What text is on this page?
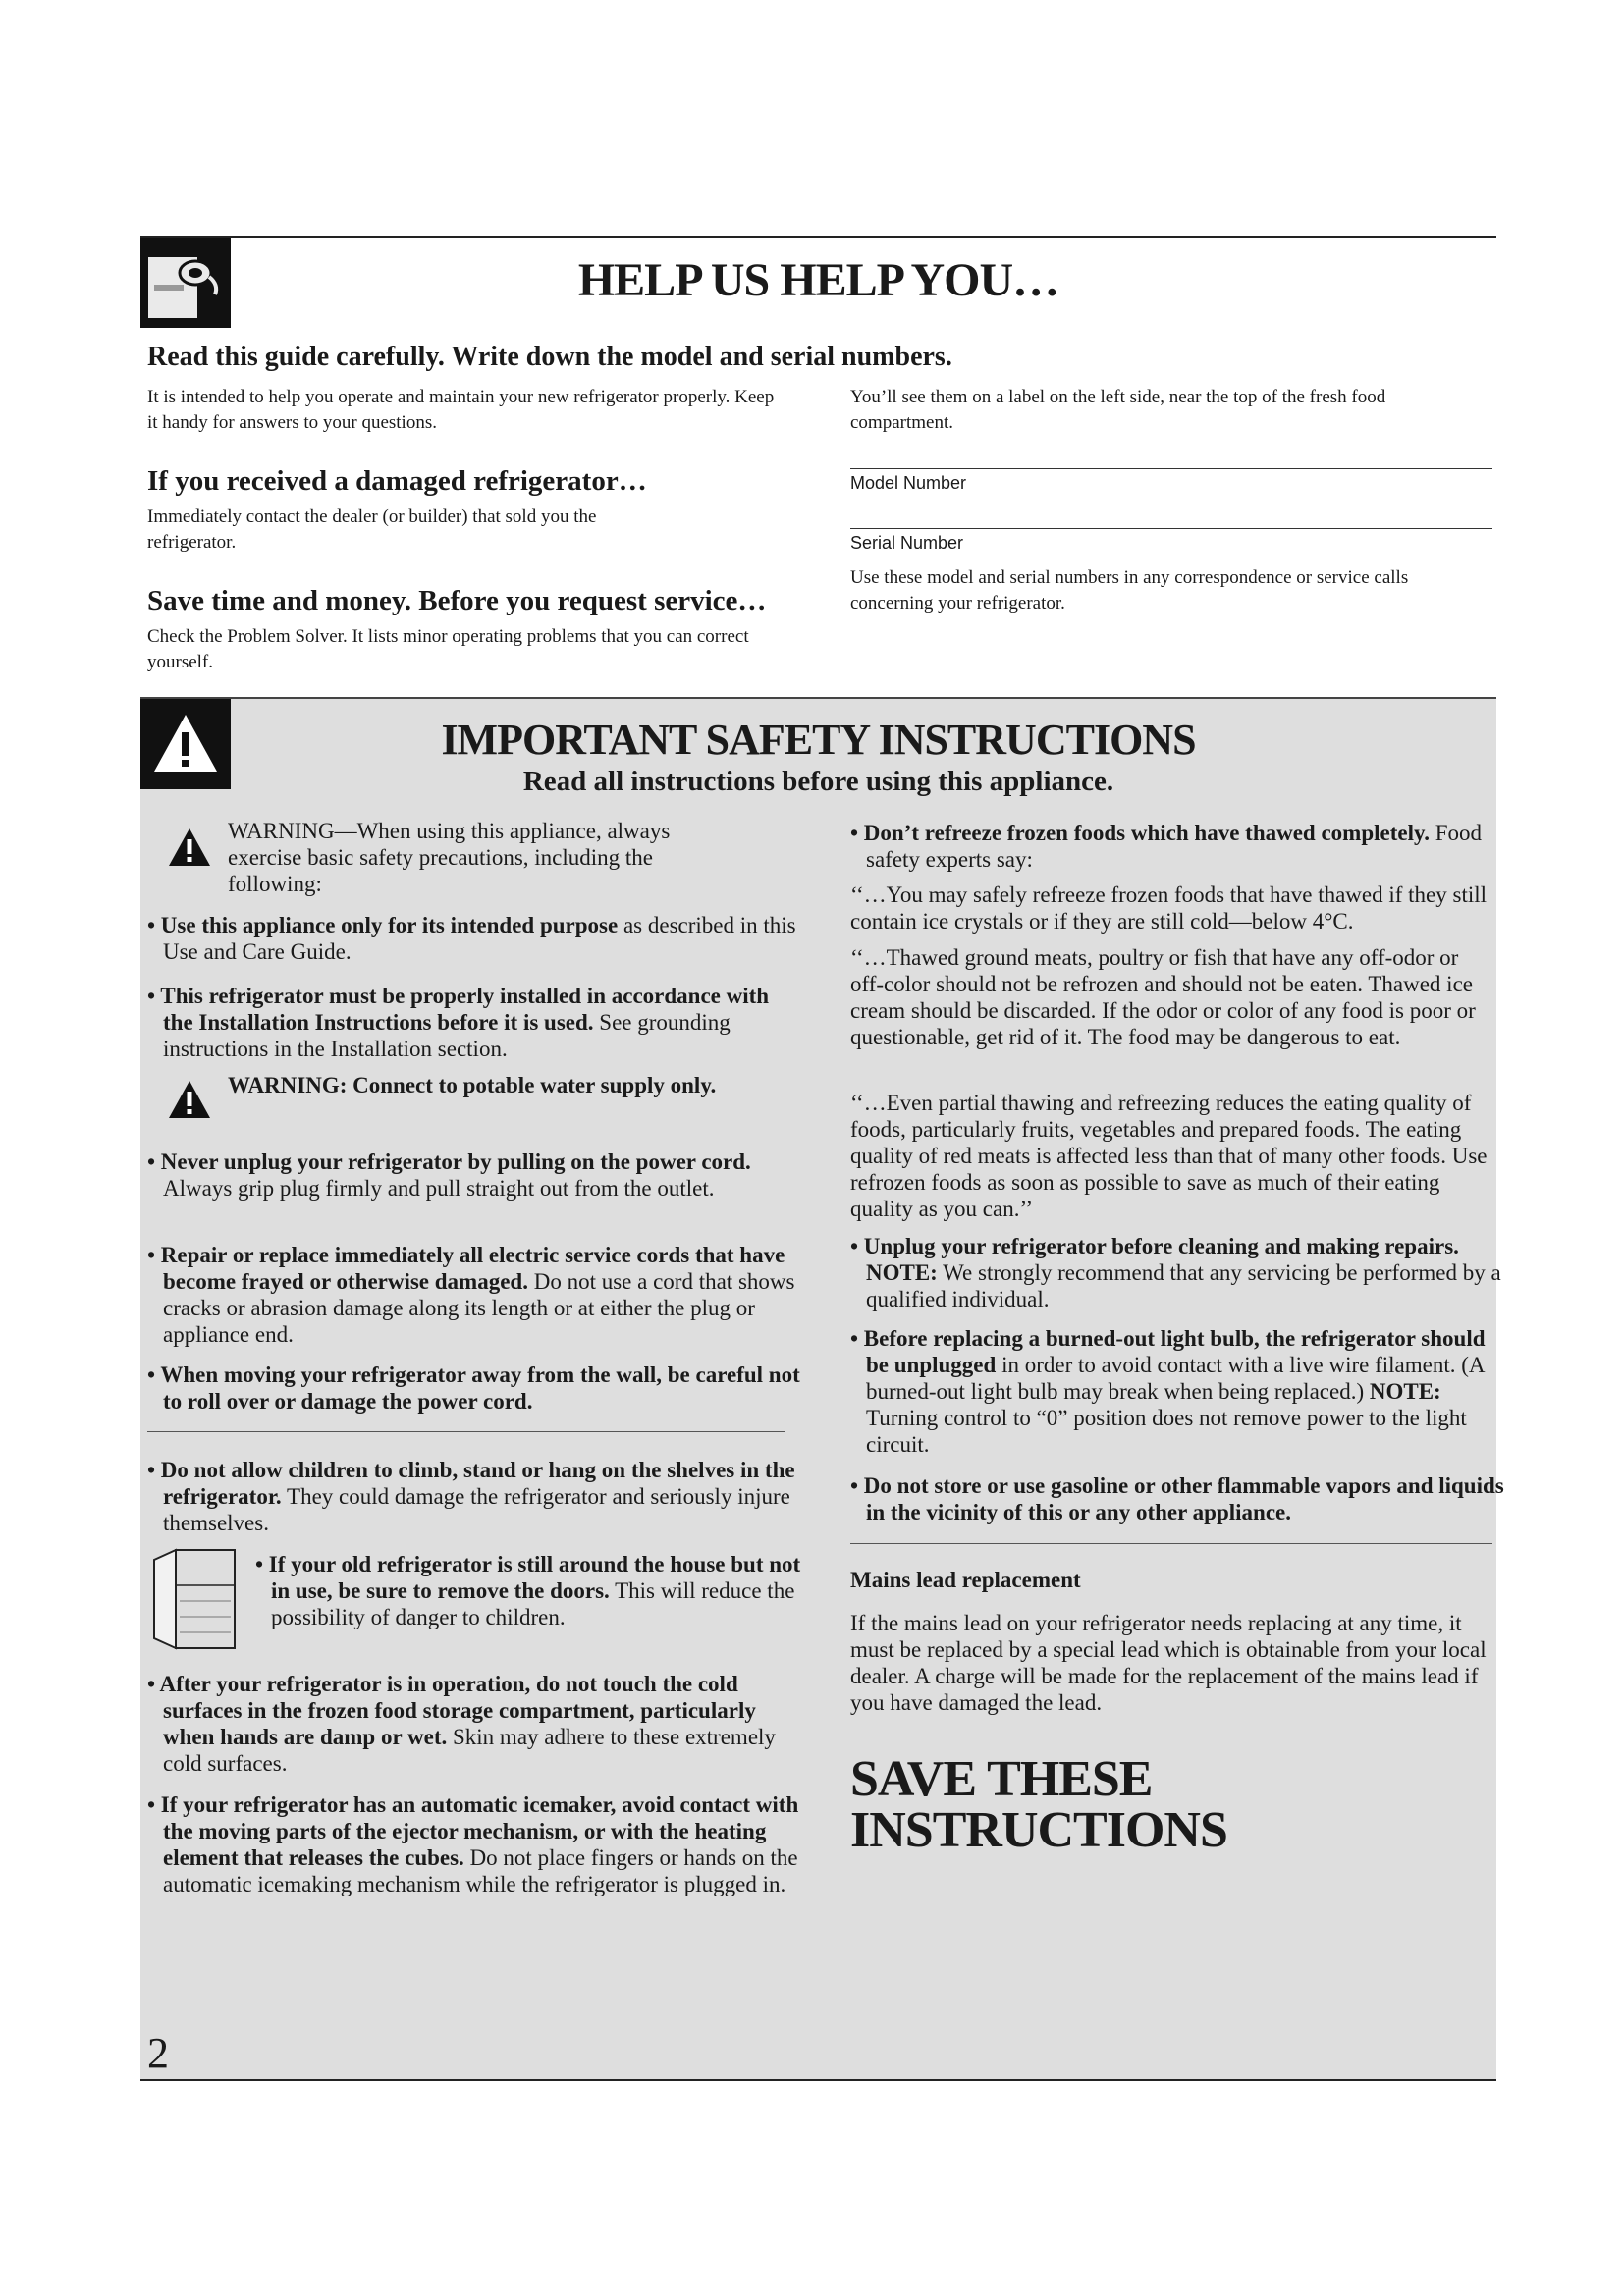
HELP US HELP YOU…
Read this guide carefully. Write down the model and serial numbers.

It is intended to help you operate and maintain your new refrigerator properly. Keep it handy for answers to your questions.

You’ll see them on a label on the left side, near the top of the fresh food compartment.

If you received a damaged refrigerator…

Immediately contact the dealer (or builder) that sold you the refrigerator.

Save time and money. Before you request service…

Check the Problem Solver. It lists minor operating problems that you can correct yourself.

Model Number
Serial Number

Use these model and serial numbers in any correspondence or service calls concerning your refrigerator.

IMPORTANT SAFETY INSTRUCTIONS
Read all instructions before using this appliance.

WARNING—When using this appliance, always exercise basic safety precautions, including the following:

• Use this appliance only for its intended purpose as described in this Use and Care Guide.

• This refrigerator must be properly installed in accordance with the Installation Instructions before it is used. See grounding instructions in the Installation section.

WARNING: Connect to potable water supply only.

• Never unplug your refrigerator by pulling on the power cord. Always grip plug firmly and pull straight out from the outlet.

• Repair or replace immediately all electric service cords that have become frayed or otherwise damaged. Do not use a cord that shows cracks or abrasion damage along its length or at either the plug or appliance end.

• When moving your refrigerator away from the wall, be careful not to roll over or damage the power cord.

• Do not allow children to climb, stand or hang on the shelves in the refrigerator. They could damage the refrigerator and seriously injure themselves.

• If your old refrigerator is still around the house but not in use, be sure to remove the doors. This will reduce the possibility of danger to children.

• After your refrigerator is in operation, do not touch the cold surfaces in the frozen food storage compartment, particularly when hands are damp or wet. Skin may adhere to these extremely cold surfaces.

• If your refrigerator has an automatic icemaker, avoid contact with the moving parts of the ejector mechanism, or with the heating element that releases the cubes. Do not place fingers or hands on the automatic icemaking mechanism while the refrigerator is plugged in.

• Don’t refreeze frozen foods which have thawed completely. Food safety experts say:

‘‘…You may safely refreeze frozen foods that have thawed if they still contain ice crystals or if they are still cold—below 4°C.

‘‘…Thawed ground meats, poultry or fish that have any off-odor or off-color should not be refrozen and should not be eaten. Thawed ice cream should be discarded. If the odor or color of any food is poor or questionable, get rid of it. The food may be dangerous to eat.

‘‘…Even partial thawing and refreezing reduces the eating quality of foods, particularly fruits, vegetables and prepared foods. The eating quality of red meats is affected less than that of many other foods. Use refrozen foods as soon as possible to save as much of their eating quality as you can.’’

• Unplug your refrigerator before cleaning and making repairs. NOTE: We strongly recommend that any servicing be performed by a qualified individual.

• Before replacing a burned-out light bulb, the refrigerator should be unplugged in order to avoid contact with a live wire filament. (A burned-out light bulb may break when being replaced.) NOTE: Turning control to “0” position does not remove power to the light circuit.

• Do not store or use gasoline or other flammable vapors and liquids in the vicinity of this or any other appliance.

Mains lead replacement

If the mains lead on your refrigerator needs replacing at any time, it must be replaced by a special lead which is obtainable from your local dealer. A charge will be made for the replacement of the mains lead if you have damaged the lead.

SAVE THESE

INSTRUCTIONS

2
